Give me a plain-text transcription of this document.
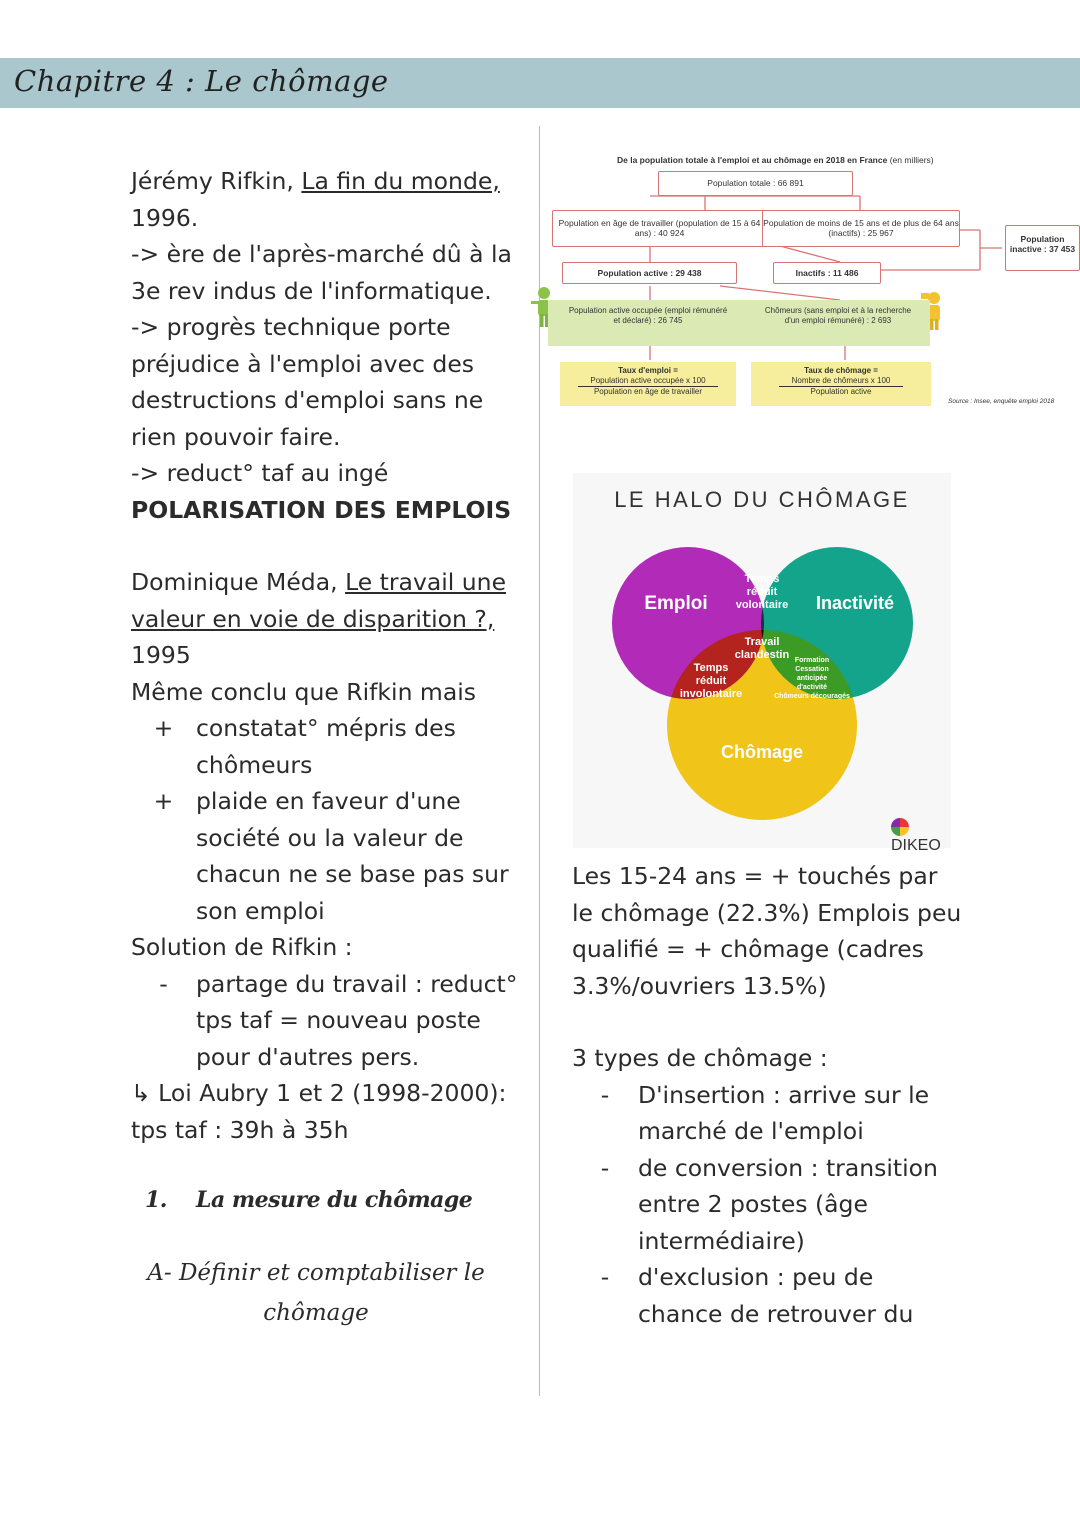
Chapitre 4 : Le chômage

Jérémy Rifkin, La fin du monde,
1996.

-> ère de l'après-marché dû à la 3e rev indus de l'informatique.

-> progrès technique porte préjudice à l'emploi avec des destructions d'emploi sans ne rien pouvoir faire.

-> reduct° taf au ingé

POLARISATION DES EMPLOIS

Dominique Méda, Le travail une valeur en voie de disparition ?,
1995

Même conclu que Rifkin mais

+ constatat° mépris des chômeurs
+ plaide en faveur d'une société ou la valeur de chacun ne se base pas sur son emploi

Solution de Rifkin :

-	partage du travail : reduct° tps taf = nouveau poste pour d'autres pers.

↳ Loi Aubry 1 et 2 (1998-2000): tps taf : 39h à 35h

1.	La mesure du chômage
A- Définir et comptabiliser le chômage
De la population totale à l'emploi et au chômage en 2018 en France (en milliers)
Population totale : 66 891
Population en âge de travailler (population de 15 à 64 ans) : 40 924
Population de moins de 15 ans et de plus de 64 ans (inactifs) : 25 967
Population inactive : 37 453
Population active : 29 438	Inactifs : 11 486
Population active occupée (emploi rémunéré et déclaré) : 26 745
Chômeurs (sans emploi et à la recherche d'un emploi rémunéré) : 2 693
Taux d'emploi =
Population active occupée x 100
Population en âge de travailler
Taux de chômage =
Nombre de chômeurs x 100
Population active
Source : Insee, enquête emploi 2018
LE HALO DU CHÔMAGE
Emploi	Inactivité
Chômage
Temps réduit volontaire
Travail clandestin
Temps réduit involontaire
Formation Cessation anticipée d'activité Chômeurs découragés
DIKEO

Les 15-24 ans = + touchés par le chômage (22.3%) Emplois peu qualifié = + chômage (cadres 3.3%/ouvriers 13.5%)

3 types de chômage :

-	D'insertion : arrive sur le marché de l'emploi
-	de conversion : transition entre 2 postes (âge intermédiaire)
-	d'exclusion : peu de chance de retrouver du
